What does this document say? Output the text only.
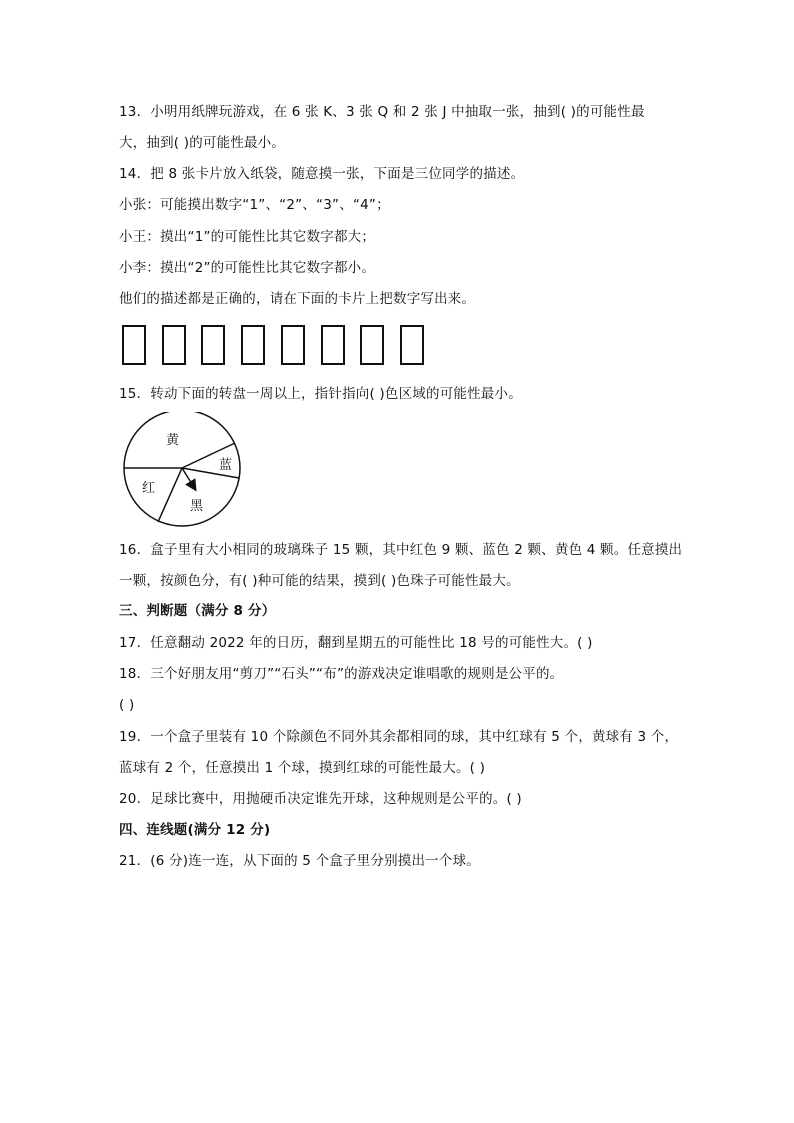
13．小明用纸牌玩游戏，在 6 张 K、3 张 Q 和 2 张 J 中抽取一张，抽到( )的可能性最
大，抽到( )的可能性最小。
14．把 8 张卡片放入纸袋，随意摸一张，下面是三位同学的描述。
小张：可能摸出数字“1”、“2”、“3”、“4”；
小王：摸出“1”的可能性比其它数字都大；
小李：摸出“2”的可能性比其它数字都小。
他们的描述都是正确的，请在下面的卡片上把数字写出来。
15．转动下面的转盘一周以上，指针指向( )色区域的可能性最小。
黄
蓝
红
黑
16．盒子里有大小相同的玻璃珠子 15 颗，其中红色 9 颗、蓝色 2 颗、黄色 4 颗。任意摸出
一颗，按颜色分，有( )种可能的结果，摸到( )色珠子可能性最大。
三、判断题（满分 8 分）
17．任意翻动 2022 年的日历，翻到星期五的可能性比 18 号的可能性大。( )
18．三个好朋友用“剪刀”“石头”“布”的游戏决定谁唱歌的规则是公平的。
( )
19．一个盒子里装有 10 个除颜色不同外其余都相同的球，其中红球有 5 个，黄球有 3 个，
蓝球有 2 个，任意摸出 1 个球，摸到红球的可能性最大。( )
20．足球比赛中，用抛硬币决定谁先开球，这种规则是公平的。( )
四、连线题(满分 12 分)
21．(6 分)连一连，从下面的 5 个盒子里分别摸出一个球。
